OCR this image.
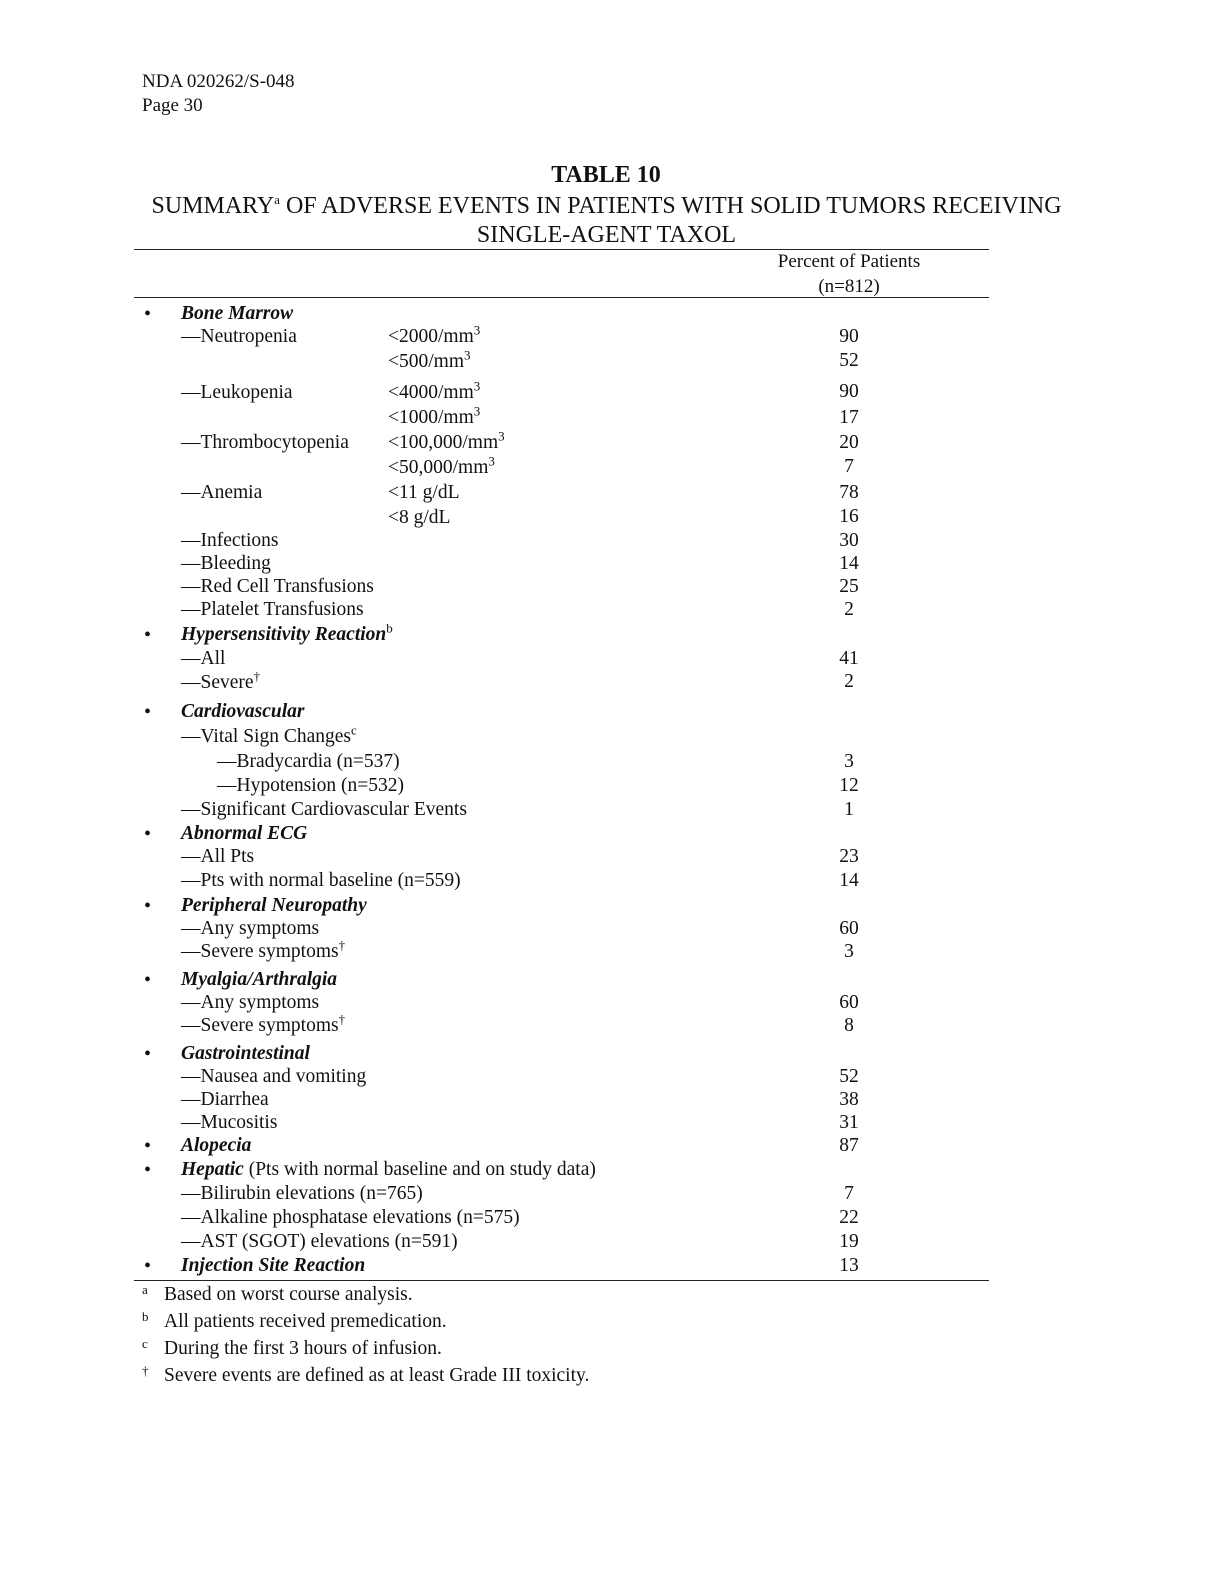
NDA 020262/S-048
Page 30
TABLE 10
SUMMARY$^a$ OF ADVERSE EVENTS IN PATIENTS WITH SOLID TUMORS RECEIVING
SINGLE-AGENT TAXOL
Percent of Patients
(n=812)
• Bone Marrow
—Neutropenia	$<2000/mm^3$	90
$<500/mm^3$	52
—Leukopenia	$<4000/mm^3$	90
$<1000/mm^3$	17
—Thrombocytopenia $<100,000/mm^3$	20
$<50,000/mm^3$	7
—Anemia	<11 g/dL	78
<8 g/dL	16
—Infections	30
—Bleeding	14
—Red Cell Transfusions	25
—Platelet Transfusions	2
• Hypersensitivity Reaction$^b$
—All	41
—Severe†	2
• Cardiovascular
—Vital Sign Changes$^c$
—Bradycardia (n=537)	3
—Hypotension (n=532)	12
—Significant Cardiovascular Events	1
• Abnormal ECG
—All Pts	23
—Pts with normal baseline (n=559)	14
• Peripheral Neuropathy
—Any symptoms	60
—Severe symptoms†	3
• Myalgia/Arthralgia
—Any symptoms	60
—Severe symptoms†	8
• Gastrointestinal
—Nausea and vomiting	52
—Diarrhea	38
—Mucositis	31
• Alopecia	87
• Hepatic (Pts with normal baseline and on study data)
—Bilirubin elevations (n=765)	7
—Alkaline phosphatase elevations (n=575)	22
—AST (SGOT) elevations (n=591)	19
• Injection Site Reaction	13
a Based on worst course analysis.
b All patients received premedication.
c During the first 3 hours of infusion.
† Severe events are defined as at least Grade III toxicity.
